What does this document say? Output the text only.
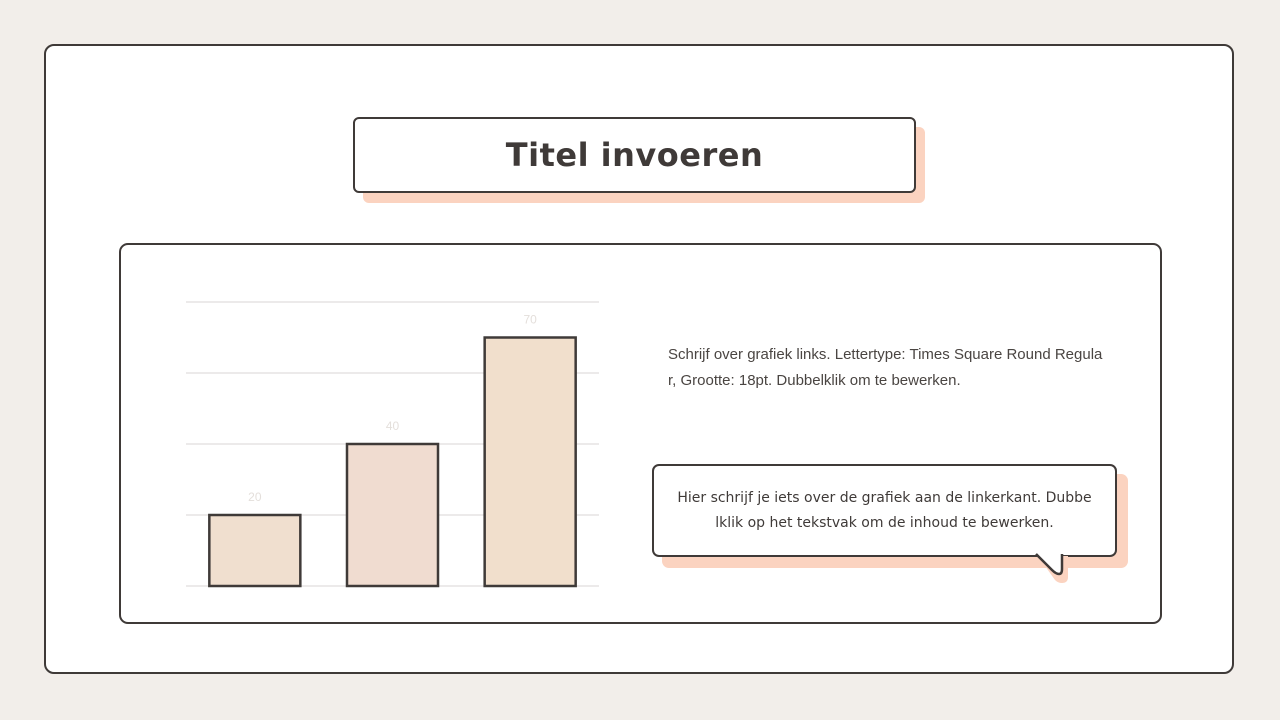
Titel invoeren
20
40
70
Schrijf over grafiek links. Lettertype: Times Square Round Regular, Grootte: 18pt. Dubbelklik om te bewerken.
Hier schrijf je iets over de grafiek aan de linkerkant. Dubbelklik op het tekstvak om de inhoud te bewerken.
